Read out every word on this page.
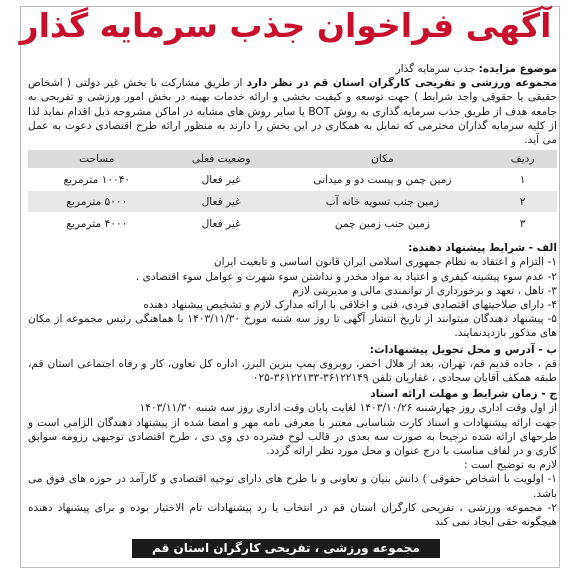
آگهی فراخوان جذب سرمایه گذار

موضوع مزایده: جذب سرمایه گذار

مجموعه ورزشی و تفریحی کارگران استان قم در نظر دارد از طریق مشارکت با بخش غیر دولتی ( اشخاص حقیقی یا حقوقی واجد شرایط ) جهت توسعه و کیفیت بخشی و ارائه خدمات بهینه در بخش امور ورزشی و تفریحی به جامعه هدف از طریق جذب سرمایه گذاری به روش BOT یا سایر روش های مشابه در اماکن مشروحه ذیل اقدام نماید لذا از کلیه سرمایه گذاران محترمی که تمایل به همکاری در این بخش را دارند به منظور ارائه طرح اقتصادی دعوت به عمل می آید.

ردیف	مکان	وضعیت فعلی	مساحت
۱	زمین چمن و پیست دو و میدانی	غیر فعال	۱۰۰۴۰ مترمربع
۲	زمین جنب تسویه خانه آب	غیر فعال	۵۰۰۰ مترمربع
۳	زمین جنب زمین چمن	غیر فعال	۴۰۰۰ مترمربع

الف - شرایط پیشنهاد دهنده:

۱- التزام و اعتقاد به نظام جمهوری اسلامی ایران قانون اساسی و تابعیت ایران

۲- عدم سوء پیشینه کیفری و اعتیاد به مواد مخدر و نداشتن سوء شهرت و عوامل سوء اقتصادی .

۳- تاهل ، تعهد و برخورداری از توانمندی مالی و مدیریتی لازم

۴- دارای صلاحیتهای اقتصادی فردی، فنی و اخلاقی با ارائه مدارک لازم و تشخیص پیشنهاد دهنده

۵- پیشنهاد دهندگان میتوانند از تاریخ انتشار آگهی تا روز سه شنبه مورخ ۱۴۰۳/۱۱/۳۰ با هماهنگی رئیس مجموعه از مکان های مذکور بازدیدنمایند.

ب - آدرس و محل تحویل پیشنهادات:

قم ، جاده قدیم قم، تهران، بعد از هلال احمر، روبروی پمپ بنزین البرز، اداره کل تعاون، کار و رفاه اجتماعی استان قم، طبقه همکف آقایان سجادی ، غفاریان تلفن ۳۶۱۲۲۱۴۹-۳۶۱۲۲۱۳۳-۰۲۵

ج - زمان شرایط و مهلت ارائه اسناد

از اول وقت اداری روز چهارشنبه ۱۴۰۳/۱۰/۲۶ لغایت پایان وقت اداری روز سه شنبه ۱۴۰۳/۱۱/۳۰

جهت ارائه پیشنهادات و اسناد کارت شناسایی معتبر با معرفی نامه مهر و امضا شده از پیشنهاد دهندگان الزامی است و طرحهای ارائه شده ترجیحا به صورت سه بعدی در قالب لوح فشرده دی وی دی ، طرح اقتصادی توجیهی رزومه سوابق کاری و در لفاف مناسب با درج عنوان و محل مورد نظر ارائه گردد.

لازم به توضیح است :

۱- اولویت با اشخاص حقوقی ) دانش بنیان و تعاونی و با طرح های دارای توجیه اقتصادی و کارآمد در حوزه های فوق می باشد.

۲- مجموعه ورزشی ، تفریحی کارگران استان قم در انتخاب یا رد پیشنهادات تام الاختیار بوده و برای پیشنهاد دهنده هیچگونه حقی ایجاد نمی کند

مجموعه ورزشی ، تفریحی کارگران استان قم
